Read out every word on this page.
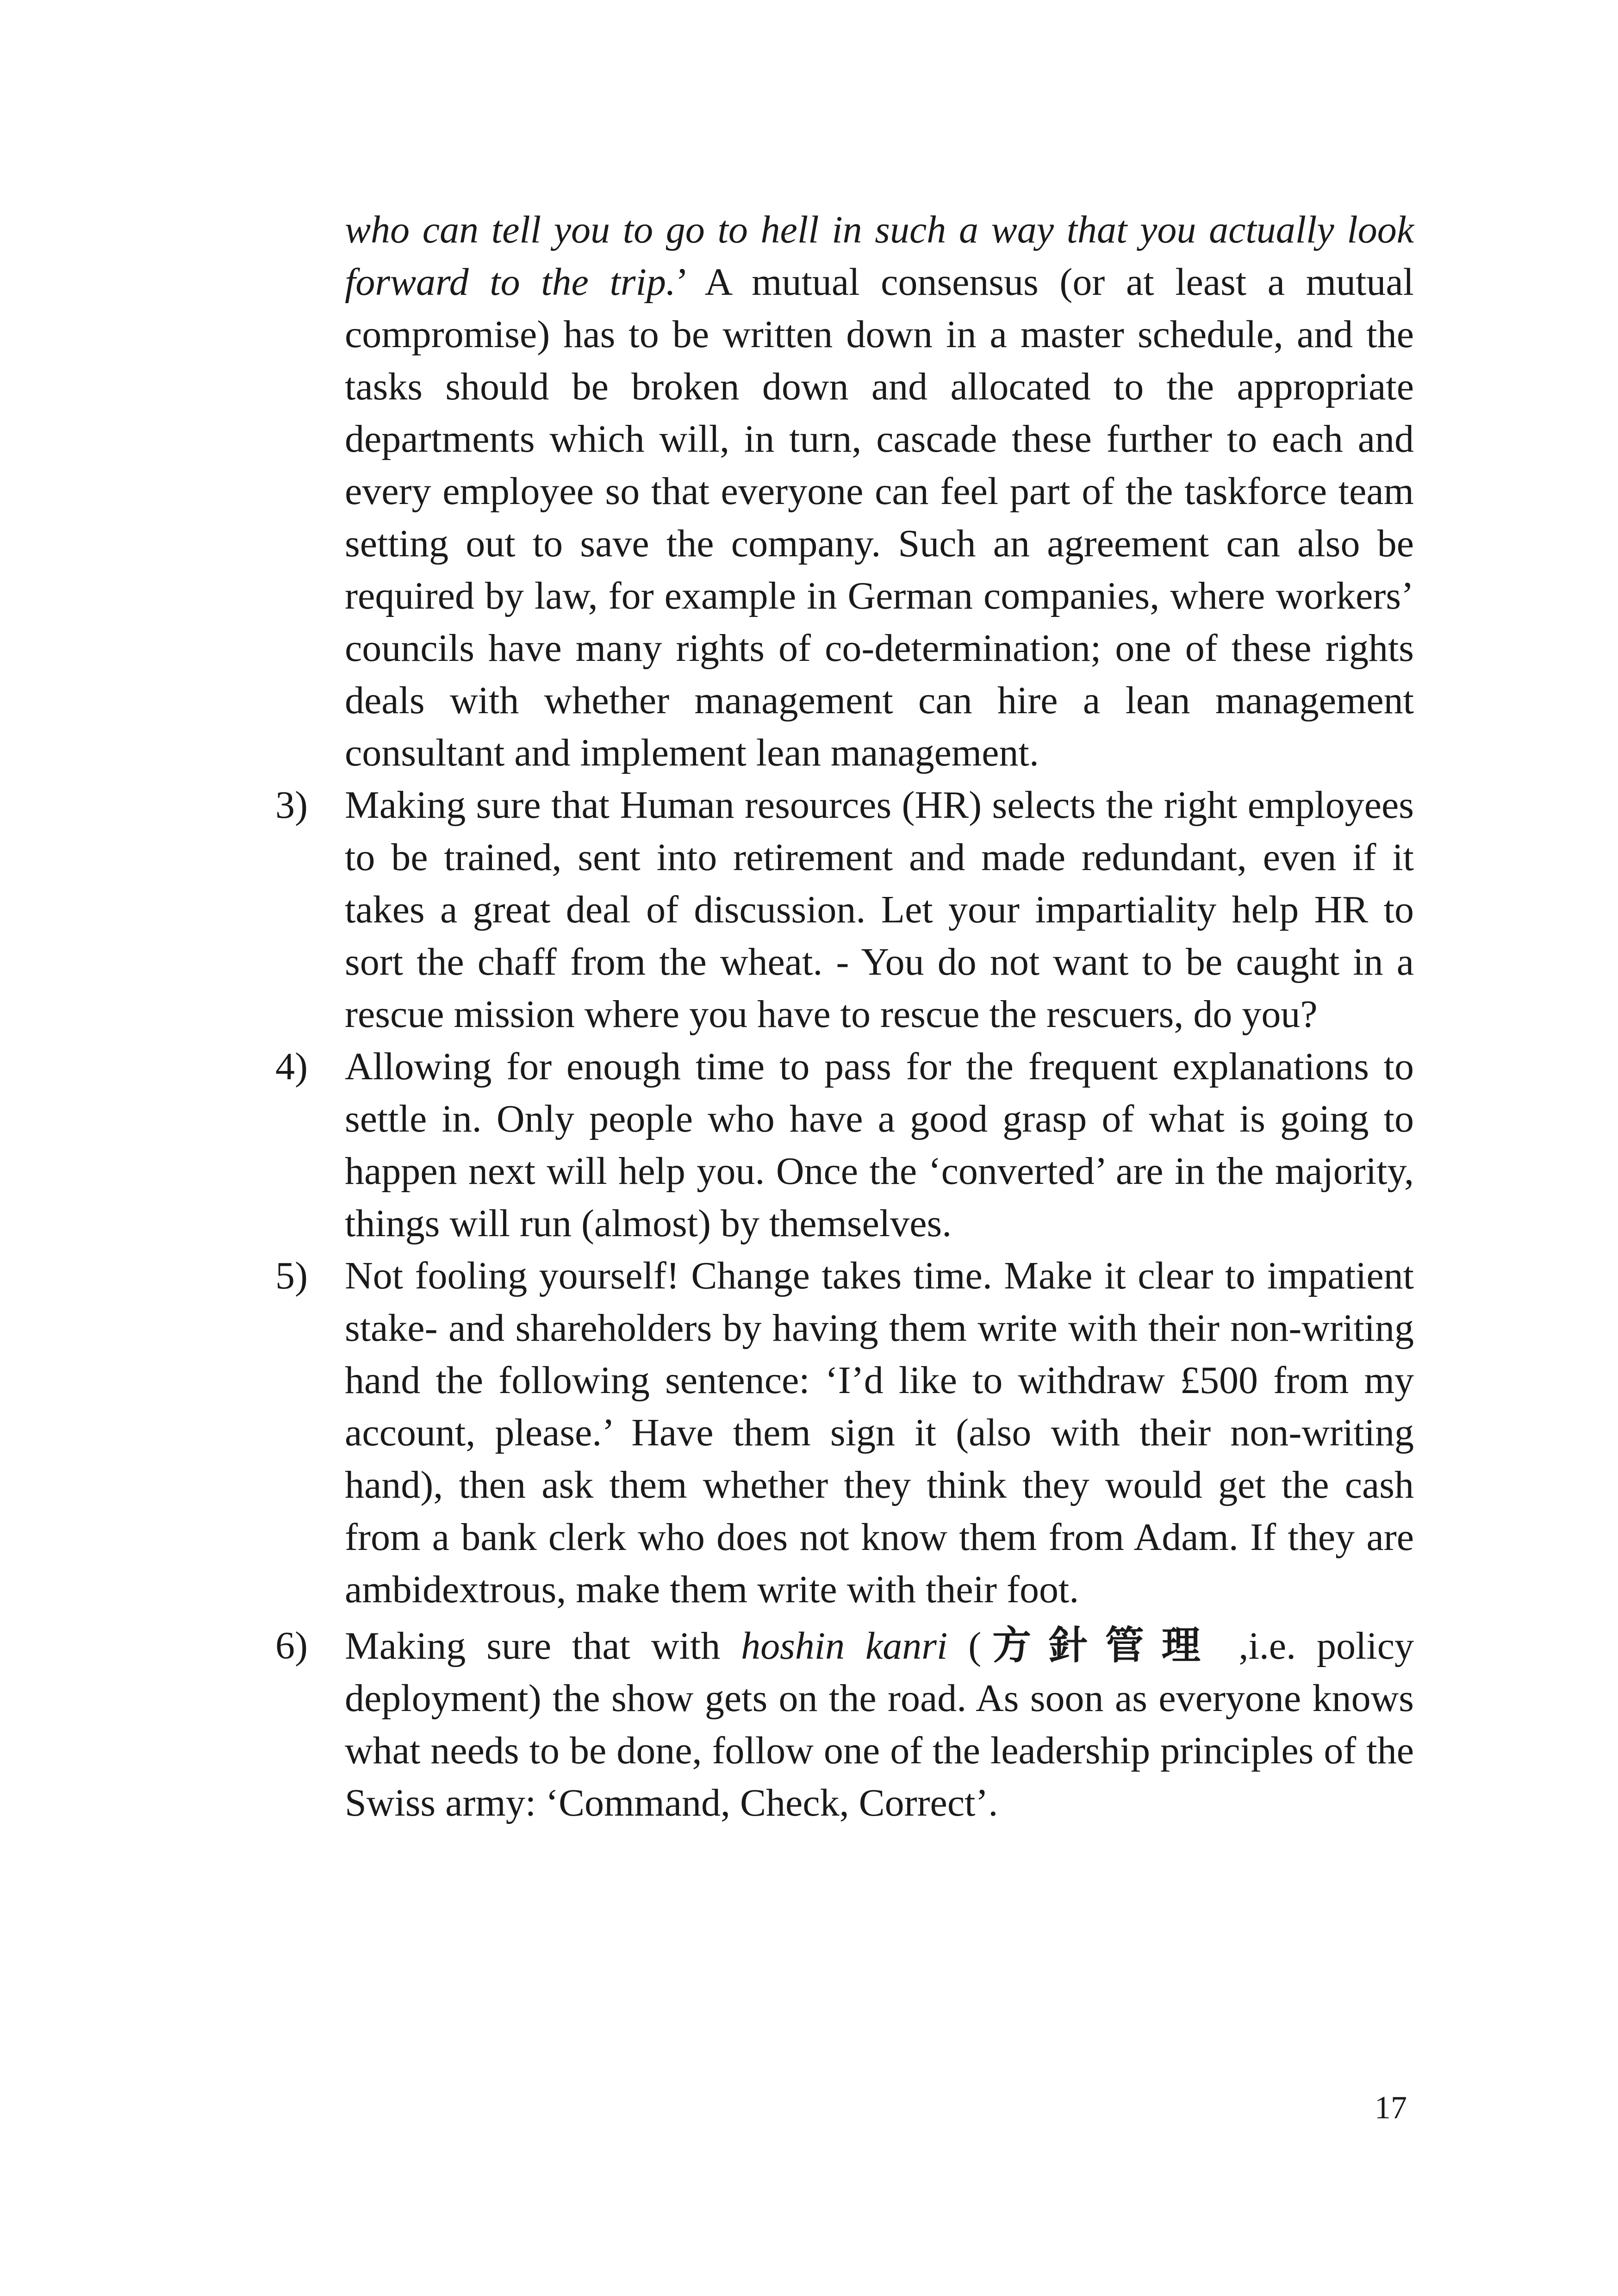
who can tell you to go to hell in such a way that you actually look forward to the trip.’ A mutual consensus (or at least a mutual compromise) has to be written down in a master schedule, and the tasks should be broken down and allocated to the appropriate departments which will, in turn, cascade these further to each and every employee so that everyone can feel part of the taskforce team setting out to save the company. Such an agreement can also be required by law, for example in German companies, where workers’ councils have many rights of co-determination; one of these rights deals with whether management can hire a lean management consultant and implement lean management.

3) Making sure that Human resources (HR) selects the right employees to be trained, sent into retirement and made redundant, even if it takes a great deal of discussion. Let your impartiality help HR to sort the chaff from the wheat. - You do not want to be caught in a rescue mission where you have to rescue the rescuers, do you?
4) Allowing for enough time to pass for the frequent explanations to settle in. Only people who have a good grasp of what is going to happen next will help you. Once the ‘converted’ are in the majority, things will run (almost) by themselves.
5) Not fooling yourself! Change takes time. Make it clear to impatient stake- and shareholders by having them write with their non-writing hand the following sentence: ‘I’d like to withdraw £500 from my account, please.’ Have them sign it (also with their non-writing hand), then ask them whether they think they would get the cash from a bank clerk who does not know them from Adam. If they are ambidextrous, make them write with their foot.
6) Making sure that with hoshin kanri (方針管理 ,i.e. policy deployment) the show gets on the road. As soon as everyone knows what needs to be done, follow one of the leadership principles of the Swiss army: ‘Command, Check, Correct’.
17
